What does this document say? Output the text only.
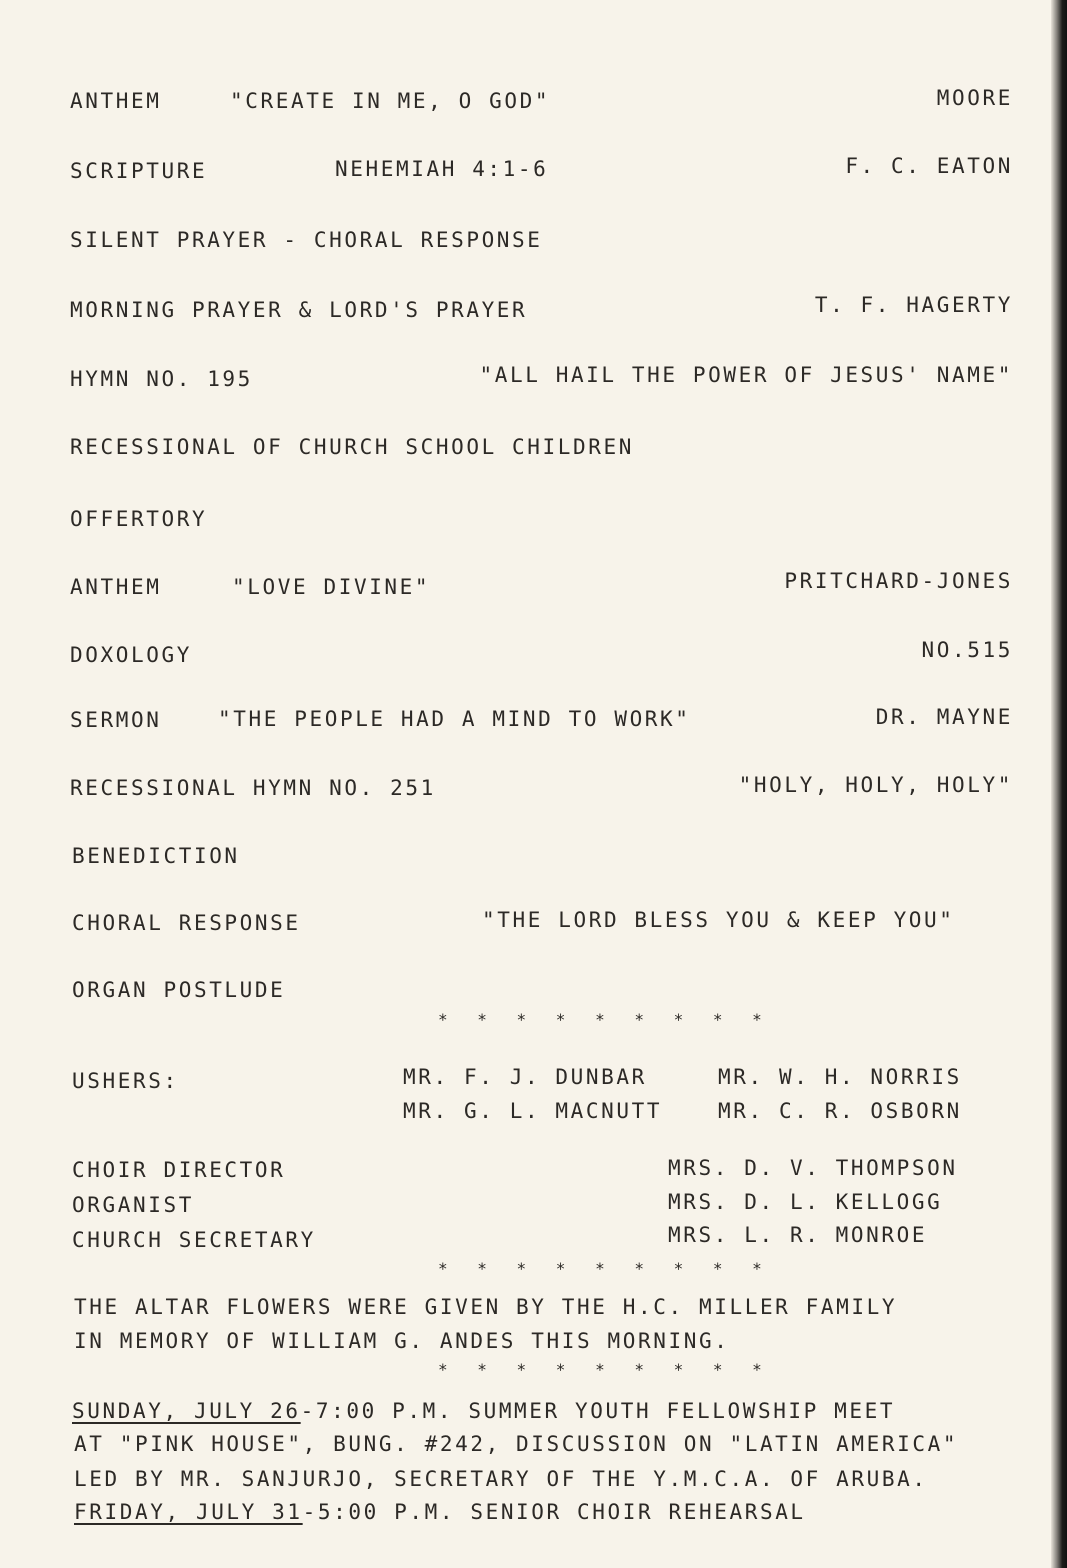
ANTHEM	"CREATE IN ME, O GOD"	MOORE
SCRIPTURE	NEHEMIAH 4:1-6	F. C. EATON
SILENT PRAYER - CHORAL RESPONSE
MORNING PRAYER & LORD'S PRAYER	T. F. HAGERTY
HYMN NO. 195	"ALL HAIL THE POWER OF JESUS' NAME"
RECESSIONAL OF CHURCH SCHOOL CHILDREN
OFFERTORY
ANTHEM	"LOVE DIVINE"	PRITCHARD-JONES
DOXOLOGY	NO.515
SERMON	"THE PEOPLE HAD A MIND TO WORK"	DR. MAYNE
RECESSIONAL HYMN NO. 251	"HOLY, HOLY, HOLY"
BENEDICTION
CHORAL RESPONSE	"THE LORD BLESS YOU & KEEP YOU"
ORGAN POSTLUDE
* * * * * * * * *
USHERS:	MR. F. J. DUNBAR	MR. W. H. NORRIS
MR. G. L. MACNUTT	MR. C. R. OSBORN
CHOIR DIRECTOR	MRS. D. V. THOMPSON
ORGANIST	MRS. D. L. KELLOGG
CHURCH SECRETARY	MRS. L. R. MONROE
* * * * * * * * *
THE ALTAR FLOWERS WERE GIVEN BY THE H.C. MILLER FAMILY
IN MEMORY OF WILLIAM G. ANDES THIS MORNING.
* * * * * * * * *
SUNDAY, JULY 26-7:00 P.M. SUMMER YOUTH FELLOWSHIP MEET
AT "PINK HOUSE", BUNG. #242, DISCUSSION ON "LATIN AMERICA"
LED BY MR. SANJURJO, SECRETARY OF THE Y.M.C.A. OF ARUBA.
FRIDAY, JULY 31-5:00 P.M. SENIOR CHOIR REHEARSAL
